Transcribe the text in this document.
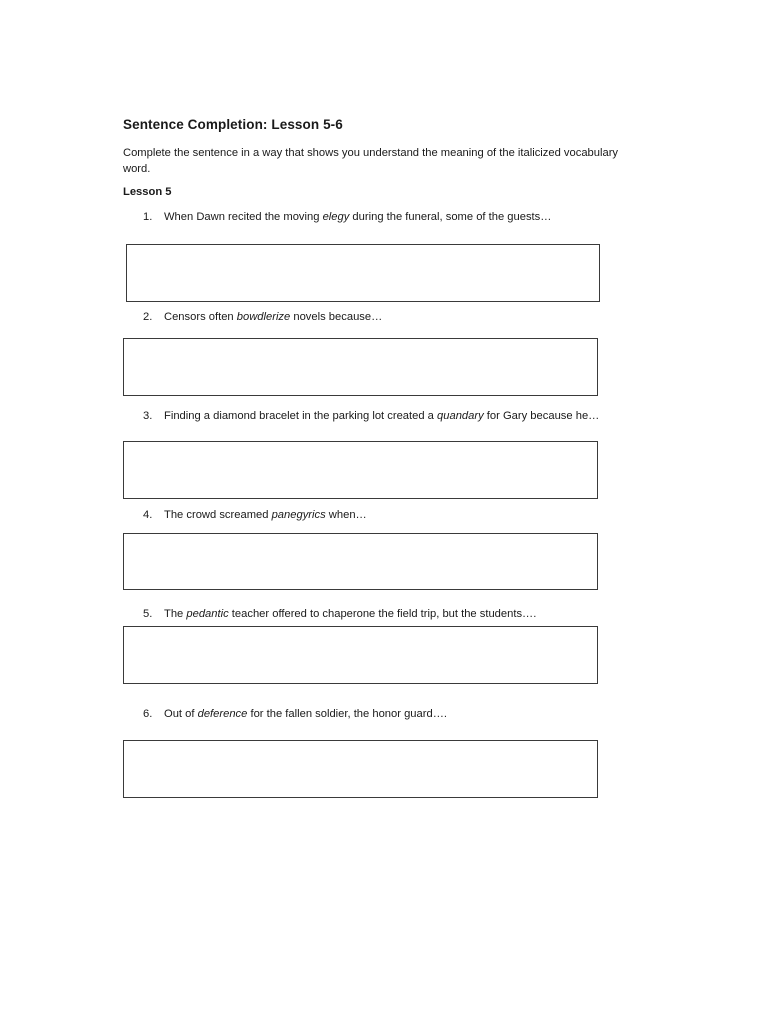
Sentence Completion: Lesson 5-6
Complete the sentence in a way that shows you understand the meaning of the italicized vocabulary word.
Lesson 5
1. When Dawn recited the moving elegy during the funeral, some of the guests…
2. Censors often bowdlerize novels because…
3. Finding a diamond bracelet in the parking lot created a quandary for Gary because he…
4. The crowd screamed panegyrics when…
5. The pedantic teacher offered to chaperone the field trip, but the students….
6. Out of deference for the fallen soldier, the honor guard….
